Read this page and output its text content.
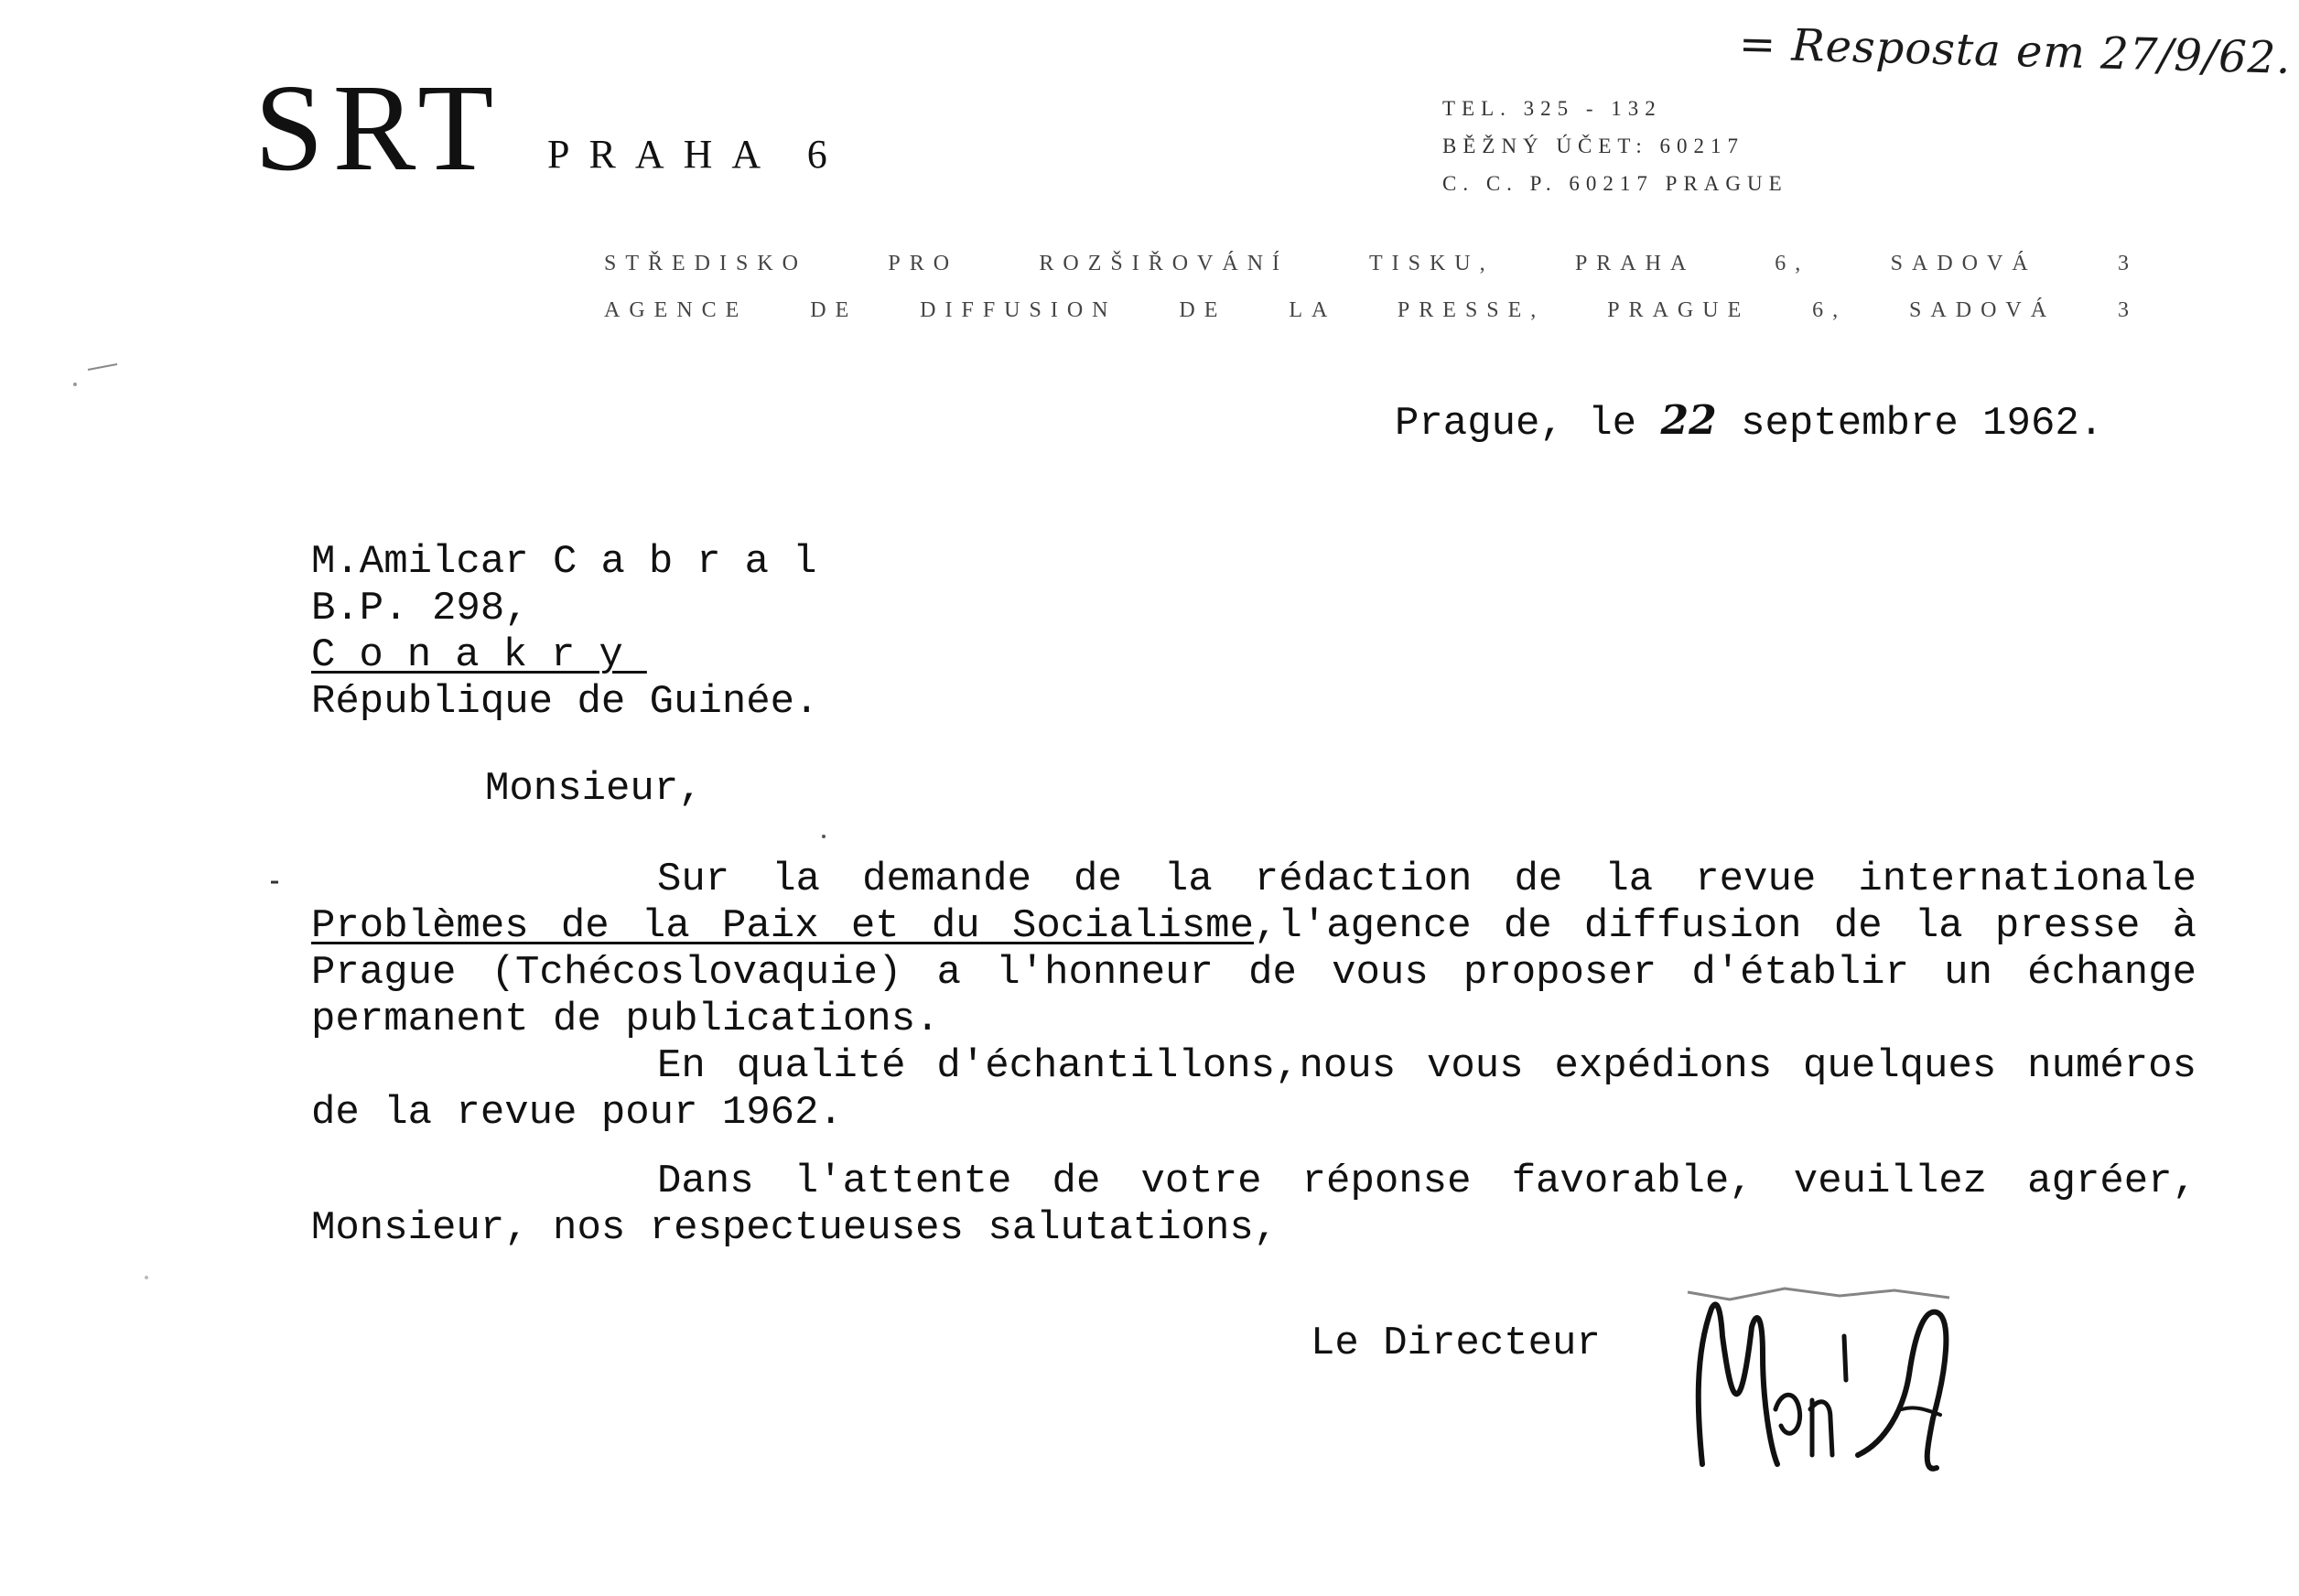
SRT PRAHA 6
TEL. 325 - 132
BĚŽNÝ ÚČET: 60217
C. C. P. 60217 PRAGUE
STŘEDISKO PRO ROZŠIŘOVÁNÍ TISKU, PRAHA 6, SADOVÁ 3
AGENCE DE DIFFUSION DE LA PRESSE, PRAGUE 6, SADOVÁ 3
= Resposta em 27/9/62.
Prague, le 22 septembre 1962.
M.Amilcar Cabral
B.P. 298,
Conakry
République de Guinée.
Monsieur,

Sur la demande de la rédaction de la revue internationale Problèmes de la Paix et du Socialisme,l'agence de diffusion de la presse à Prague (Tchécoslovaquie) a l'honneur de vous proposer d'établir un échange permanent de publications.

En qualité d'échantillons,nous vous expédions quelques numéros de la revue pour 1962.

Dans l'attente de votre réponse favorable, veuillez agréer, Monsieur, nos respectueuses salutations,

Le Directeur
Novák
